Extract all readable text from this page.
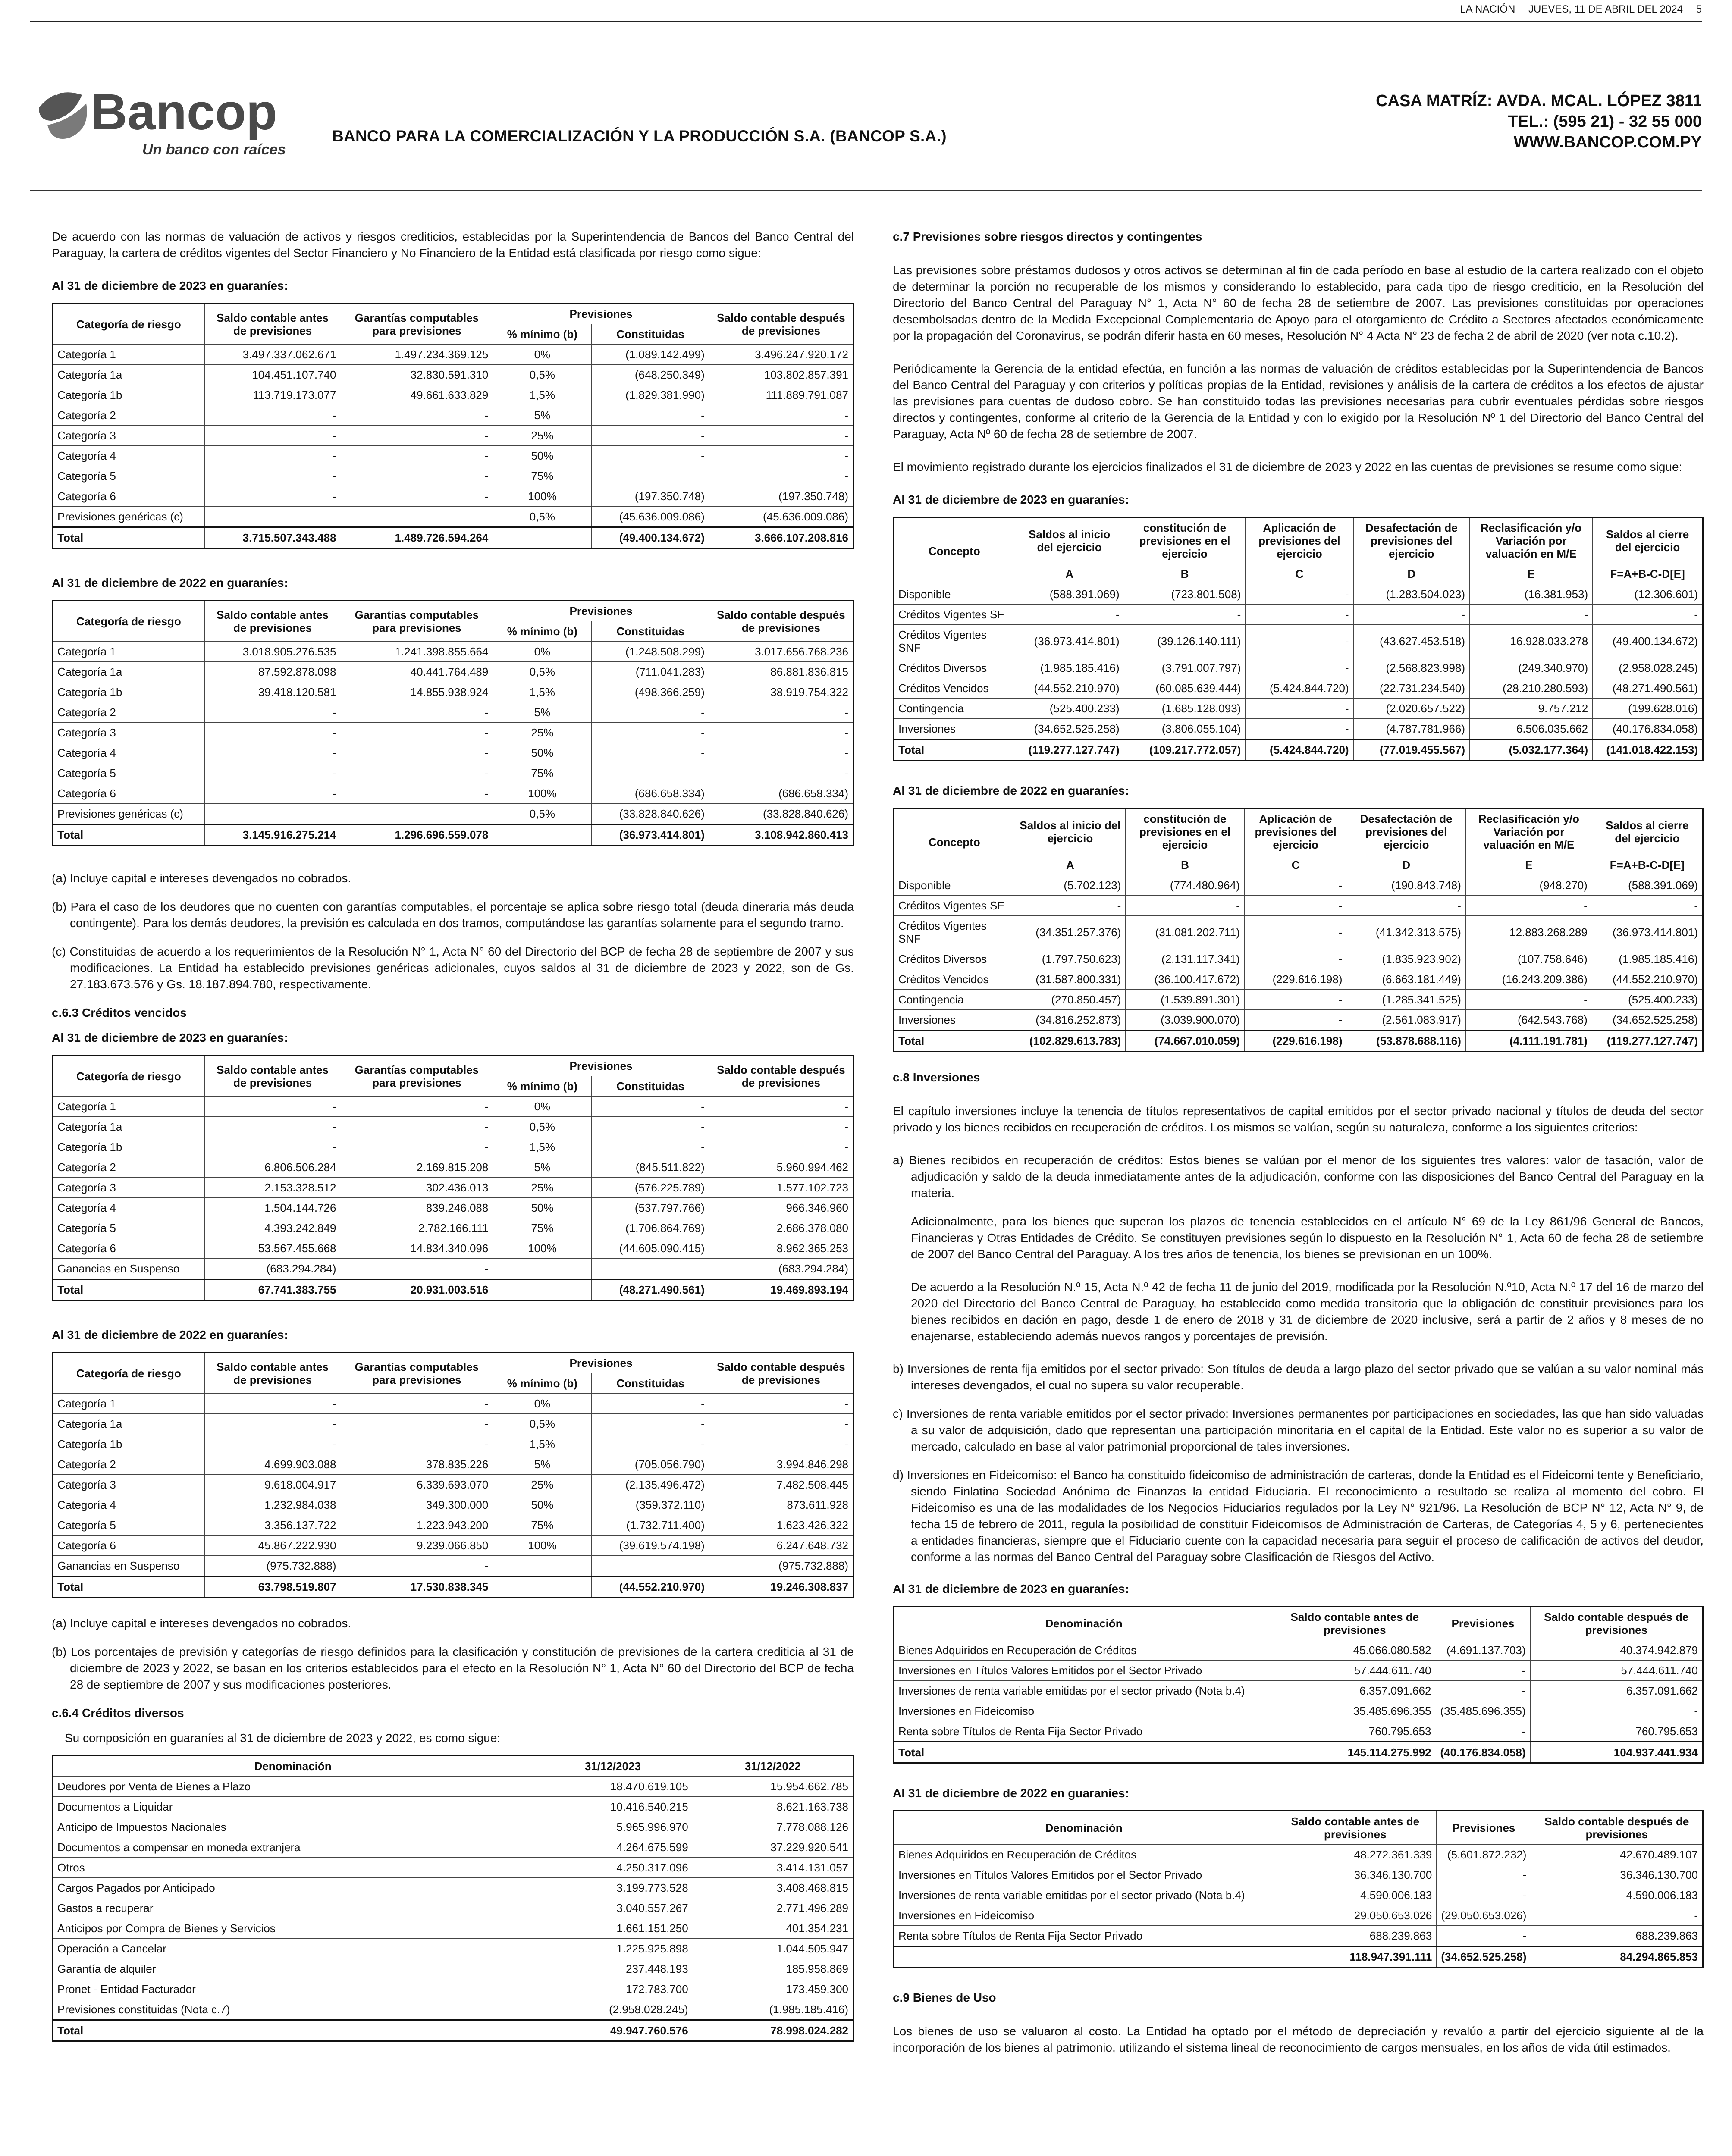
LA NACIÓN JUEVES, 11 DE ABRIL DEL 2024 5
Bancop
Un banco con raíces
BANCO PARA LA COMERCIALIZACIÓN Y LA PRODUCCIÓN S.A. (BANCOP S.A.)
CASA MATRÍZ: AVDA. MCAL. LÓPEZ 3811
TEL.: (595 21) - 32 55 000
WWW.BANCOP.COM.PY

De acuerdo con las normas de valuación de activos y riesgos crediticios, establecidas por la Superintendencia de Bancos del Banco Central del Paraguay, la cartera de créditos vigentes del Sector Financiero y No Financiero de la Entidad está clasificada por riesgo como sigue:

Al 31 de diciembre de 2023 en guaraníes:
Categoría de riesgo	Saldo contable antes de previsiones	Garantías computables para previsiones	Previsiones		Saldo contable después de previsiones
			% mínimo (b)	Constituidas	
Categoría 1	3.497.337.062.671	1.497.234.369.125	0%	(1.089.142.499)	3.496.247.920.172
Categoría 1a	104.451.107.740	32.830.591.310	0,5%	(648.250.349)	103.802.857.391
Categoría 1b	113.719.173.077	49.661.633.829	1,5%	(1.829.381.990)	111.889.791.087
Categoría 2	-	-	5%	-	-
Categoría 3	-	-	25%	-	-
Categoría 4	-	-	50%	-	-
Categoría 5	-	-	75%		-
Categoría 6	-	-	100%	(197.350.748)	(197.350.748)
Previsiones genéricas (c)			0,5%	(45.636.009.086)	(45.636.009.086)
Total	3.715.507.343.488	1.489.726.594.264		(49.400.134.672)	3.666.107.208.816
Al 31 de diciembre de 2022 en guaraníes:
Categoría de riesgo	Saldo contable antes de previsiones	Garantías computables para previsiones	Previsiones		Saldo contable después de previsiones
			% mínimo (b)	Constituidas	
Categoría 1	3.018.905.276.535	1.241.398.855.664	0%	(1.248.508.299)	3.017.656.768.236
Categoría 1a	87.592.878.098	40.441.764.489	0,5%	(711.041.283)	86.881.836.815
Categoría 1b	39.418.120.581	14.855.938.924	1,5%	(498.366.259)	38.919.754.322
Categoría 2	-	-	5%	-	-
Categoría 3	-	-	25%	-	-
Categoría 4	-	-	50%	-	-
Categoría 5	-	-	75%		-
Categoría 6	-	-	100%	(686.658.334)	(686.658.334)
Previsiones genéricas (c)			0,5%	(33.828.840.626)	(33.828.840.626)
Total	3.145.916.275.214	1.296.696.559.078		(36.973.414.801)	3.108.942.860.413
(a) Incluye capital e intereses devengados no cobrados.
(b) Para el caso de los deudores que no cuenten con garantías computables, el porcentaje se aplica sobre riesgo total (deuda dineraria más deuda contingente). Para los demás deudores, la previsión es calculada en dos tramos, computándose las garantías solamente para el segundo tramo.
(c) Constituidas de acuerdo a los requerimientos de la Resolución N° 1, Acta N° 60 del Directorio del BCP de fecha 28 de septiembre de 2007 y sus modificaciones. La Entidad ha establecido previsiones genéricas adicionales, cuyos saldos al 31 de diciembre de 2023 y 2022, son de Gs. 27.183.673.576 y Gs. 18.187.894.780, respectivamente.
c.6.3 Créditos vencidos
Al 31 de diciembre de 2023 en guaraníes:
Categoría de riesgo	Saldo contable antes de previsiones	Garantías computables para previsiones	Previsiones		Saldo contable después de previsiones
			% mínimo (b)	Constituidas	
Categoría 1	-	-	0%	-	-
Categoría 1a	-	-	0,5%	-	-
Categoría 1b	-	-	1,5%	-	-
Categoría 2	6.806.506.284	2.169.815.208	5%	(845.511.822)	5.960.994.462
Categoría 3	2.153.328.512	302.436.013	25%	(576.225.789)	1.577.102.723
Categoría 4	1.504.144.726	839.246.088	50%	(537.797.766)	966.346.960
Categoría 5	4.393.242.849	2.782.166.111	75%	(1.706.864.769)	2.686.378.080
Categoría 6	53.567.455.668	14.834.340.096	100%	(44.605.090.415)	8.962.365.253
Ganancias en Suspenso	(683.294.284)	-			(683.294.284)
Total	67.741.383.755	20.931.003.516		(48.271.490.561)	19.469.893.194
Al 31 de diciembre de 2022 en guaraníes:
Categoría de riesgo	Saldo contable antes de previsiones	Garantías computables para previsiones	Previsiones		Saldo contable después de previsiones
			% mínimo (b)	Constituidas	
Categoría 1	-	-	0%	-	-
Categoría 1a	-	-	0,5%	-	-
Categoría 1b	-	-	1,5%	-	-
Categoría 2	4.699.903.088	378.835.226	5%	(705.056.790)	3.994.846.298
Categoría 3	9.618.004.917	6.339.693.070	25%	(2.135.496.472)	7.482.508.445
Categoría 4	1.232.984.038	349.300.000	50%	(359.372.110)	873.611.928
Categoría 5	3.356.137.722	1.223.943.200	75%	(1.732.711.400)	1.623.426.322
Categoría 6	45.867.222.930	9.239.066.850	100%	(39.619.574.198)	6.247.648.732
Ganancias en Suspenso	(975.732.888)	-			(975.732.888)
Total	63.798.519.807	17.530.838.345		(44.552.210.970)	19.246.308.837
(a) Incluye capital e intereses devengados no cobrados.
(b) Los porcentajes de previsión y categorías de riesgo definidos para la clasificación y constitución de previsiones de la cartera crediticia al 31 de diciembre de 2023 y 2022, se basan en los criterios establecidos para el efecto en la Resolución N° 1, Acta N° 60 del Directorio del BCP de fecha 28 de septiembre de 2007 y sus modificaciones posteriores.
c.6.4 Créditos diversos

Su composición en guaraníes al 31 de diciembre de 2023 y 2022, es como sigue:

Denominación	31/12/2023	31/12/2022
Deudores por Venta de Bienes a Plazo	18.470.619.105	15.954.662.785
Documentos a Liquidar	10.416.540.215	8.621.163.738
Anticipo de Impuestos Nacionales	5.965.996.970	7.778.088.126
Documentos a compensar en moneda extranjera	4.264.675.599	37.229.920.541
Otros	4.250.317.096	3.414.131.057
Cargos Pagados por Anticipado	3.199.773.528	3.408.468.815
Gastos a recuperar	3.040.557.267	2.771.496.289
Anticipos por Compra de Bienes y Servicios	1.661.151.250	401.354.231
Operación a Cancelar	1.225.925.898	1.044.505.947
Garantía de alquiler	237.448.193	185.958.869
Pronet - Entidad Facturador	172.783.700	173.459.300
Previsiones constituidas (Nota c.7)	(2.958.028.245)	(1.985.185.416)
Total	49.947.760.576	78.998.024.282
c.7 Previsiones sobre riesgos directos y contingentes

Las previsiones sobre préstamos dudosos y otros activos se determinan al fin de cada período en base al estudio de la cartera realizado con el objeto de determinar la porción no recuperable de los mismos y considerando lo establecido, para cada tipo de riesgo crediticio, en la Resolución del Directorio del Banco Central del Paraguay N° 1, Acta N° 60 de fecha 28 de setiembre de 2007. Las previsiones constituidas por operaciones desembolsadas dentro de la Medida Excepcional Complementaria de Apoyo para el otorgamiento de Crédito a Sectores afectados económicamente por la propagación del Coronavirus, se podrán diferir hasta en 60 meses, Resolución N° 4 Acta N° 23 de fecha 2 de abril de 2020 (ver nota c.10.2).

Periódicamente la Gerencia de la entidad efectúa, en función a las normas de valuación de créditos establecidas por la Superintendencia de Bancos del Banco Central del Paraguay y con criterios y políticas propias de la Entidad, revisiones y análisis de la cartera de créditos a los efectos de ajustar las previsiones para cuentas de dudoso cobro. Se han constituido todas las previsiones necesarias para cubrir eventuales pérdidas sobre riesgos directos y contingentes, conforme al criterio de la Gerencia de la Entidad y con lo exigido por la Resolución Nº 1 del Directorio del Banco Central del Paraguay, Acta Nº 60 de fecha 28 de setiembre de 2007.

El movimiento registrado durante los ejercicios finalizados el 31 de diciembre de 2023 y 2022 en las cuentas de previsiones se resume como sigue:

Al 31 de diciembre de 2023 en guaraníes:
Concepto	Saldos al inicio del ejercicio	constitución de previsiones en el ejercicio	Aplicación de previsiones del ejercicio	Desafectación de previsiones del ejercicio	Reclasificación y/o Variación por valuación en M/E	Saldos al cierre del ejercicio
	A	B	C	D	E	F=A+B-C-D[E]
Disponible	(588.391.069)	(723.801.508)	-	(1.283.504.023)	(16.381.953)	(12.306.601)
Créditos Vigentes SF	-	-	-	-	-	-
Créditos Vigentes SNF	(36.973.414.801)	(39.126.140.111)	-	(43.627.453.518)	16.928.033.278	(49.400.134.672)
Créditos Diversos	(1.985.185.416)	(3.791.007.797)	-	(2.568.823.998)	(249.340.970)	(2.958.028.245)
Créditos Vencidos	(44.552.210.970)	(60.085.639.444)	(5.424.844.720)	(22.731.234.540)	(28.210.280.593)	(48.271.490.561)
Contingencia	(525.400.233)	(1.685.128.093)	-	(2.020.657.522)	9.757.212	(199.628.016)
Inversiones	(34.652.525.258)	(3.806.055.104)	-	(4.787.781.966)	6.506.035.662	(40.176.834.058)
Total	(119.277.127.747)	(109.217.772.057)	(5.424.844.720)	(77.019.455.567)	(5.032.177.364)	(141.018.422.153)
Al 31 de diciembre de 2022 en guaraníes:
Concepto	Saldos al inicio del ejercicio	constitución de previsiones en el ejercicio	Aplicación de previsiones del ejercicio	Desafectación de previsiones del ejercicio	Reclasificación y/o Variación por valuación en M/E	Saldos al cierre del ejercicio
	A	B	C	D	E	F=A+B-C-D[E]
Disponible	(5.702.123)	(774.480.964)	-	(190.843.748)	(948.270)	(588.391.069)
Créditos Vigentes SF	-	-	-	-	-	-
Créditos Vigentes SNF	(34.351.257.376)	(31.081.202.711)	-	(41.342.313.575)	12.883.268.289	(36.973.414.801)
Créditos Diversos	(1.797.750.623)	(2.131.117.341)	-	(1.835.923.902)	(107.758.646)	(1.985.185.416)
Créditos Vencidos	(31.587.800.331)	(36.100.417.672)	(229.616.198)	(6.663.181.449)	(16.243.209.386)	(44.552.210.970)
Contingencia	(270.850.457)	(1.539.891.301)	-	(1.285.341.525)	-	(525.400.233)
Inversiones	(34.816.252.873)	(3.039.900.070)	-	(2.561.083.917)	(642.543.768)	(34.652.525.258)
Total	(102.829.613.783)	(74.667.010.059)	(229.616.198)	(53.878.688.116)	(4.111.191.781)	(119.277.127.747)
c.8 Inversiones

El capítulo inversiones incluye la tenencia de títulos representativos de capital emitidos por el sector privado nacional y títulos de deuda del sector privado y los bienes recibidos en recuperación de créditos. Los mismos se valúan, según su naturaleza, conforme a los siguientes criterios:

a) Bienes recibidos en recuperación de créditos: Estos bienes se valúan por el menor de los siguientes tres valores: valor de tasación, valor de adjudicación y saldo de la deuda inmediatamente antes de la adjudicación, conforme con las disposiciones del Banco Central del Paraguay en la materia.
Adicionalmente, para los bienes que superan los plazos de tenencia establecidos en el artículo N° 69 de la Ley 861/96 General de Bancos, Financieras y Otras Entidades de Crédito. Se constituyen previsiones según lo dispuesto en la Resolución N° 1, Acta 60 de fecha 28 de setiembre de 2007 del Banco Central del Paraguay. A los tres años de tenencia, los bienes se previsionan en un 100%.
De acuerdo a la Resolución N.º 15, Acta N.º 42 de fecha 11 de junio del 2019, modificada por la Resolución N.º10, Acta N.º 17 del 16 de marzo del 2020 del Directorio del Banco Central de Paraguay, ha establecido como medida transitoria que la obligación de constituir previsiones para los bienes recibidos en dación en pago, desde 1 de enero de 2018 y 31 de diciembre de 2020 inclusive, será a partir de 2 años y 8 meses de no enajenarse, estableciendo además nuevos rangos y porcentajes de previsión.
b) Inversiones de renta fija emitidos por el sector privado: Son títulos de deuda a largo plazo del sector privado que se valúan a su valor nominal más intereses devengados, el cual no supera su valor recuperable.
c) Inversiones de renta variable emitidos por el sector privado: Inversiones permanentes por participaciones en sociedades, las que han sido valuadas a su valor de adquisición, dado que representan una participación minoritaria en el capital de la Entidad. Este valor no es superior a su valor de mercado, calculado en base al valor patrimonial proporcional de tales inversiones.
d) Inversiones en Fideicomiso: el Banco ha constituido fideicomiso de administración de carteras, donde la Entidad es el Fideicomi tente y Beneficiario, siendo Finlatina Sociedad Anónima de Finanzas la entidad Fiduciaria. El reconocimiento a resultado se realiza al momento del cobro. El Fideicomiso es una de las modalidades de los Negocios Fiduciarios regulados por la Ley N° 921/96. La Resolución de BCP N° 12, Acta N° 9, de fecha 15 de febrero de 2011, regula la posibilidad de constituir Fideicomisos de Administración de Carteras, de Categorías 4, 5 y 6, pertenecientes a entidades financieras, siempre que el Fiduciario cuente con la capacidad necesaria para seguir el proceso de calificación de activos del deudor, conforme a las normas del Banco Central del Paraguay sobre Clasificación de Riesgos del Activo.
Al 31 de diciembre de 2023 en guaraníes:
Denominación	Saldo contable antes de previsiones	Previsiones	Saldo contable después de previsiones
Bienes Adquiridos en Recuperación de Créditos	45.066.080.582	(4.691.137.703)	40.374.942.879
Inversiones en Títulos Valores Emitidos por el Sector Privado	57.444.611.740	-	57.444.611.740
Inversiones de renta variable emitidas por el sector privado (Nota b.4)	6.357.091.662	-	6.357.091.662
Inversiones en Fideicomiso	35.485.696.355	(35.485.696.355)	-
Renta sobre Títulos de Renta Fija Sector Privado	760.795.653	-	760.795.653
Total	145.114.275.992	(40.176.834.058)	104.937.441.934
Al 31 de diciembre de 2022 en guaraníes:
Denominación	Saldo contable antes de previsiones	Previsiones	Saldo contable después de previsiones
Bienes Adquiridos en Recuperación de Créditos	48.272.361.339	(5.601.872.232)	42.670.489.107
Inversiones en Títulos Valores Emitidos por el Sector Privado	36.346.130.700	-	36.346.130.700
Inversiones de renta variable emitidas por el sector privado (Nota b.4)	4.590.006.183	-	4.590.006.183
Inversiones en Fideicomiso	29.050.653.026	(29.050.653.026)	-
Renta sobre Títulos de Renta Fija Sector Privado	688.239.863	-	688.239.863
	118.947.391.111	(34.652.525.258)	84.294.865.853
c.9 Bienes de Uso

Los bienes de uso se valuaron al costo. La Entidad ha optado por el método de depreciación y revalúo a partir del ejercicio siguiente al de la incorporación de los bienes al patrimonio, utilizando el sistema lineal de reconocimiento de cargos mensuales, en los años de vida útil estimados.
